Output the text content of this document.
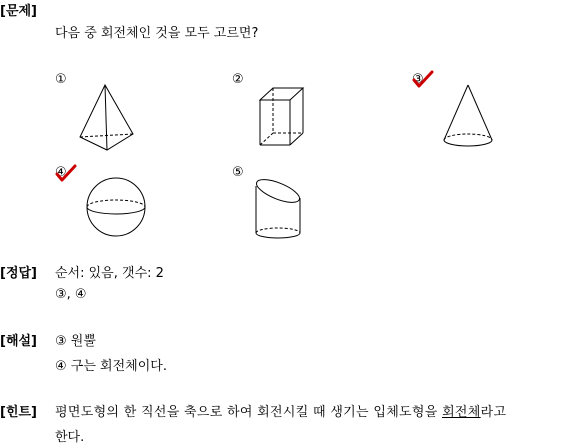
[문제]
다음 중 회전체인 것을 모두 고르면?
①	②	③
④	⑤
[정답] 순서: 있음, 갯수: 2
③, ④
[해설] ③ 원뿔
④ 구는 회전체이다.
[힌트] 평면도형의 한 직선을 축으로 하여 회전시킬 때 생기는 입체도형을 회전체라고
한다.
